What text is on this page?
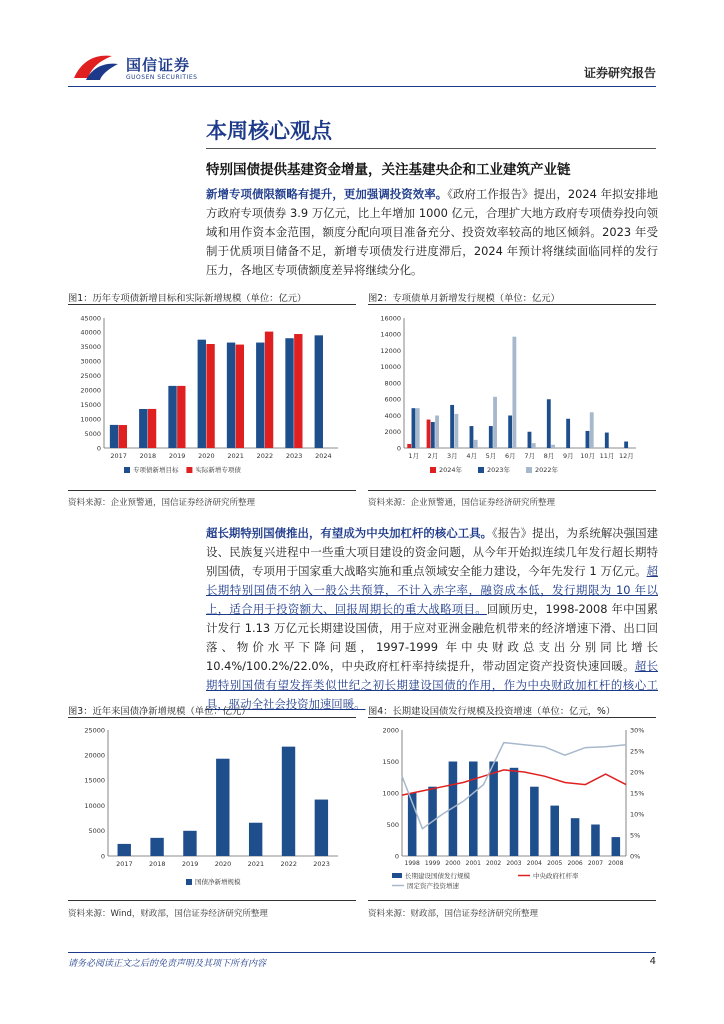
国信证券
GUOSEN SECURITIES	证券研究报告
本周核心观点
特别国债提供基建资金增量，关注基建央企和工业建筑产业链
新增专项债限额略有提升，更加强调投资效率。《政府工作报告》提出，2024 年拟安排地方政府专项债券 3.9 万亿元，比上年增加 1000 亿元，合理扩大地方政府专项债券投向领域和用作资本金范围，额度分配向项目准备充分、投资效率较高的地区倾斜。2023 年受制于优质项目储备不足，新增专项债发行进度滞后，2024 年预计将继续面临同样的发行压力，各地区专项债额度差异将继续分化。
图1：历年专项债新增目标和实际新增规模（单位：亿元）
0
5000
10000
15000
20000
25000
30000
35000
40000
45000
2017 2018 2019 2020 2021 2022 2023 2024
专项债新增目标	实际新增专项债
资料来源：企业预警通，国信证券经济研究所整理
图2：专项债单月新增发行规模（单位：亿元）
0
2000
4000
6000
8000
10000
12000
14000
16000
1月 2月 3月 4月 5月 6月 7月 8月 9月 10月 11月 12月
2024年	2023年	2022年
资料来源：企业预警通，国信证券经济研究所整理
超长期特别国债推出，有望成为中央加杠杆的核心工具。《报告》提出，为系统解决强国建设、民族复兴进程中一些重大项目建设的资金问题，从今年开始拟连续几年发行超长期特别国债，专项用于国家重大战略实施和重点领域安全能力建设，今年先发行 1 万亿元。超长期特别国债不纳入一般公共预算，不计入赤字率，融资成本低，发行期限为 10 年以上，适合用于投资额大、回报周期长的重大战略项目。回顾历史，1998-2008 年中国累计发行 1.13 万亿元长期建设国债，用于应对亚洲金融危机带来的经济增速下滑、出口回落、物价水平下降问题，1997-1999 年中央财政总支出分别同比增长 10.4%/100.2%/22.0%，中央政府杠杆率持续提升，带动固定资产投资快速回暖。超长期特别国债有望发挥类似世纪之初长期建设国债的作用，作为中央财政加杠杆的核心工具，驱动全社会投资加速回暖。
图3：近年来国债净新增规模（单位：亿元）
0
5000
10000
15000
20000
25000
2017	2018	2019	2020	2021	2022	2023
国债净新增规模
资料来源：Wind，财政部，国信证券经济研究所整理
图4：长期建设国债发行规模及投资增速（单位：亿元，%）
0
500
1000
1500
2000
0%
5%
10%
15%
20%
25%
30%
1998 1999 2000 2001 2002 2003 2004 2005 2006 2007 2008
长期建设国债发行规模	中央政府杠杆率
固定资产投资增速
资料来源：财政部，国信证券经济研究所整理
请务必阅读正文之后的免责声明及其项下所有内容	4
